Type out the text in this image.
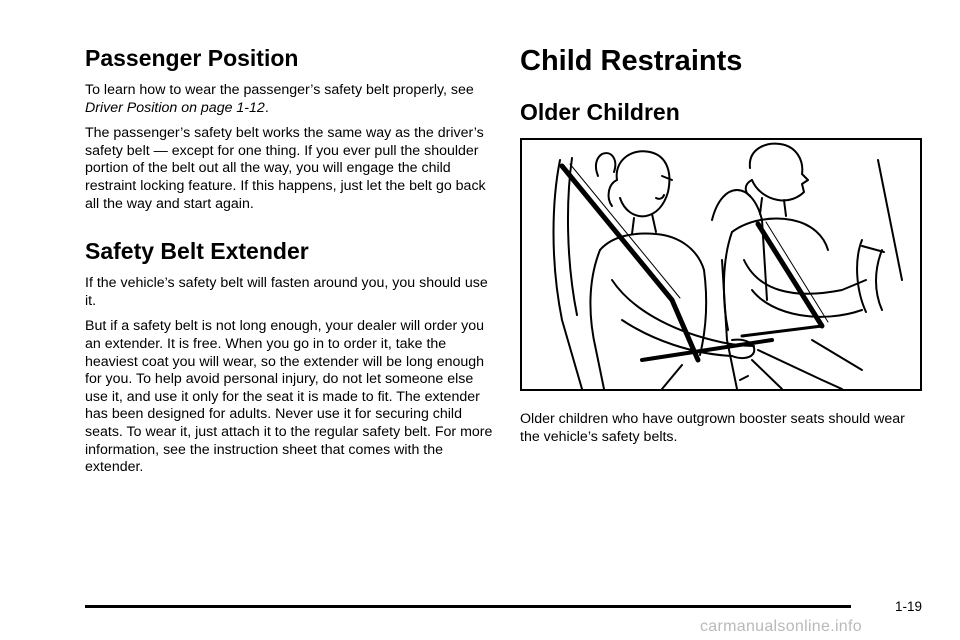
Passenger Position

To learn how to wear the passenger’s safety belt properly, see Driver Position on page 1-12.

The passenger’s safety belt works the same way as the driver’s safety belt — except for one thing. If you ever pull the shoulder portion of the belt out all the way, you will engage the child restraint locking feature. If this happens, just let the belt go back all the way and start again.

Safety Belt Extender

If the vehicle’s safety belt will fasten around you, you should use it.

But if a safety belt is not long enough, your dealer will order you an extender. It is free. When you go in to order it, take the heaviest coat you will wear, so the extender will be long enough for you. To help avoid personal injury, do not let someone else use it, and use it only for the seat it is made to fit. The extender has been designed for adults. Never use it for securing child seats. To wear it, just attach it to the regular safety belt. For more information, see the instruction sheet that comes with the extender.

Child Restraints
Older Children

Older children who have outgrown booster seats should wear the vehicle’s safety belts.

1-19
carmanualsonline.info
